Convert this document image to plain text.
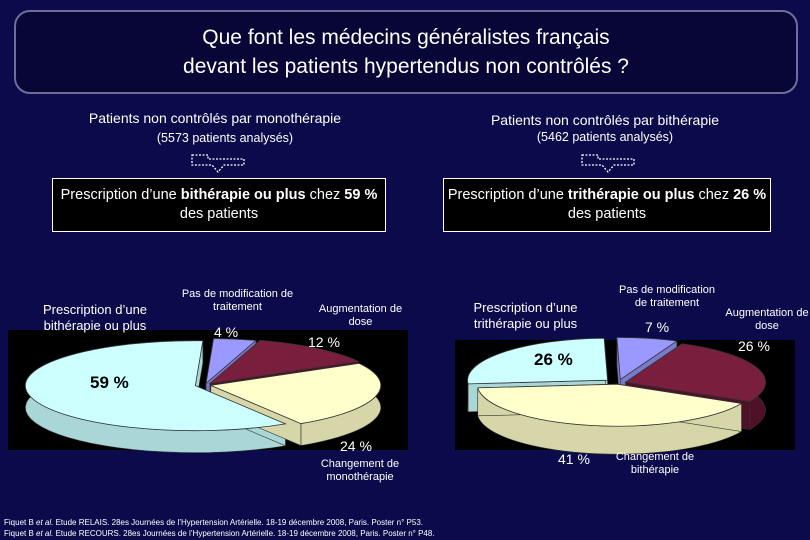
Que font les médecins généralistes français
devant les patients hypertendus non contrôlés ?
Patients non contrôlés par monothérapie
(5573 patients analysés)
Patients non contrôlés par bithérapie
(5462 patients analysés)
Prescription d’une bithérapie ou plus chez 59 % des patients
Prescription d’une trithérapie ou plus chez 26 % des patients
Prescription d’une bithérapie ou plus
Pas de modification de traitement	Augmentation de dose
Changement de monothérapie
4 %
12 %
24 %
59 %
Prescription d’une trithérapie ou plus
Pas de modification de traitement
Augmentation de dose
Changement de bithérapie
7 %
26 %
41 %
26 %
Fiquet B et al. Etude RELAIS. 28es Journées de l’Hypertension Artérielle. 18-19 décembre 2008, Paris. Poster n° P53.
Fiquet B et al. Etude RECOURS. 28es Journées de l’Hypertension Artérielle. 18-19 décembre 2008, Paris. Poster n° P48.
